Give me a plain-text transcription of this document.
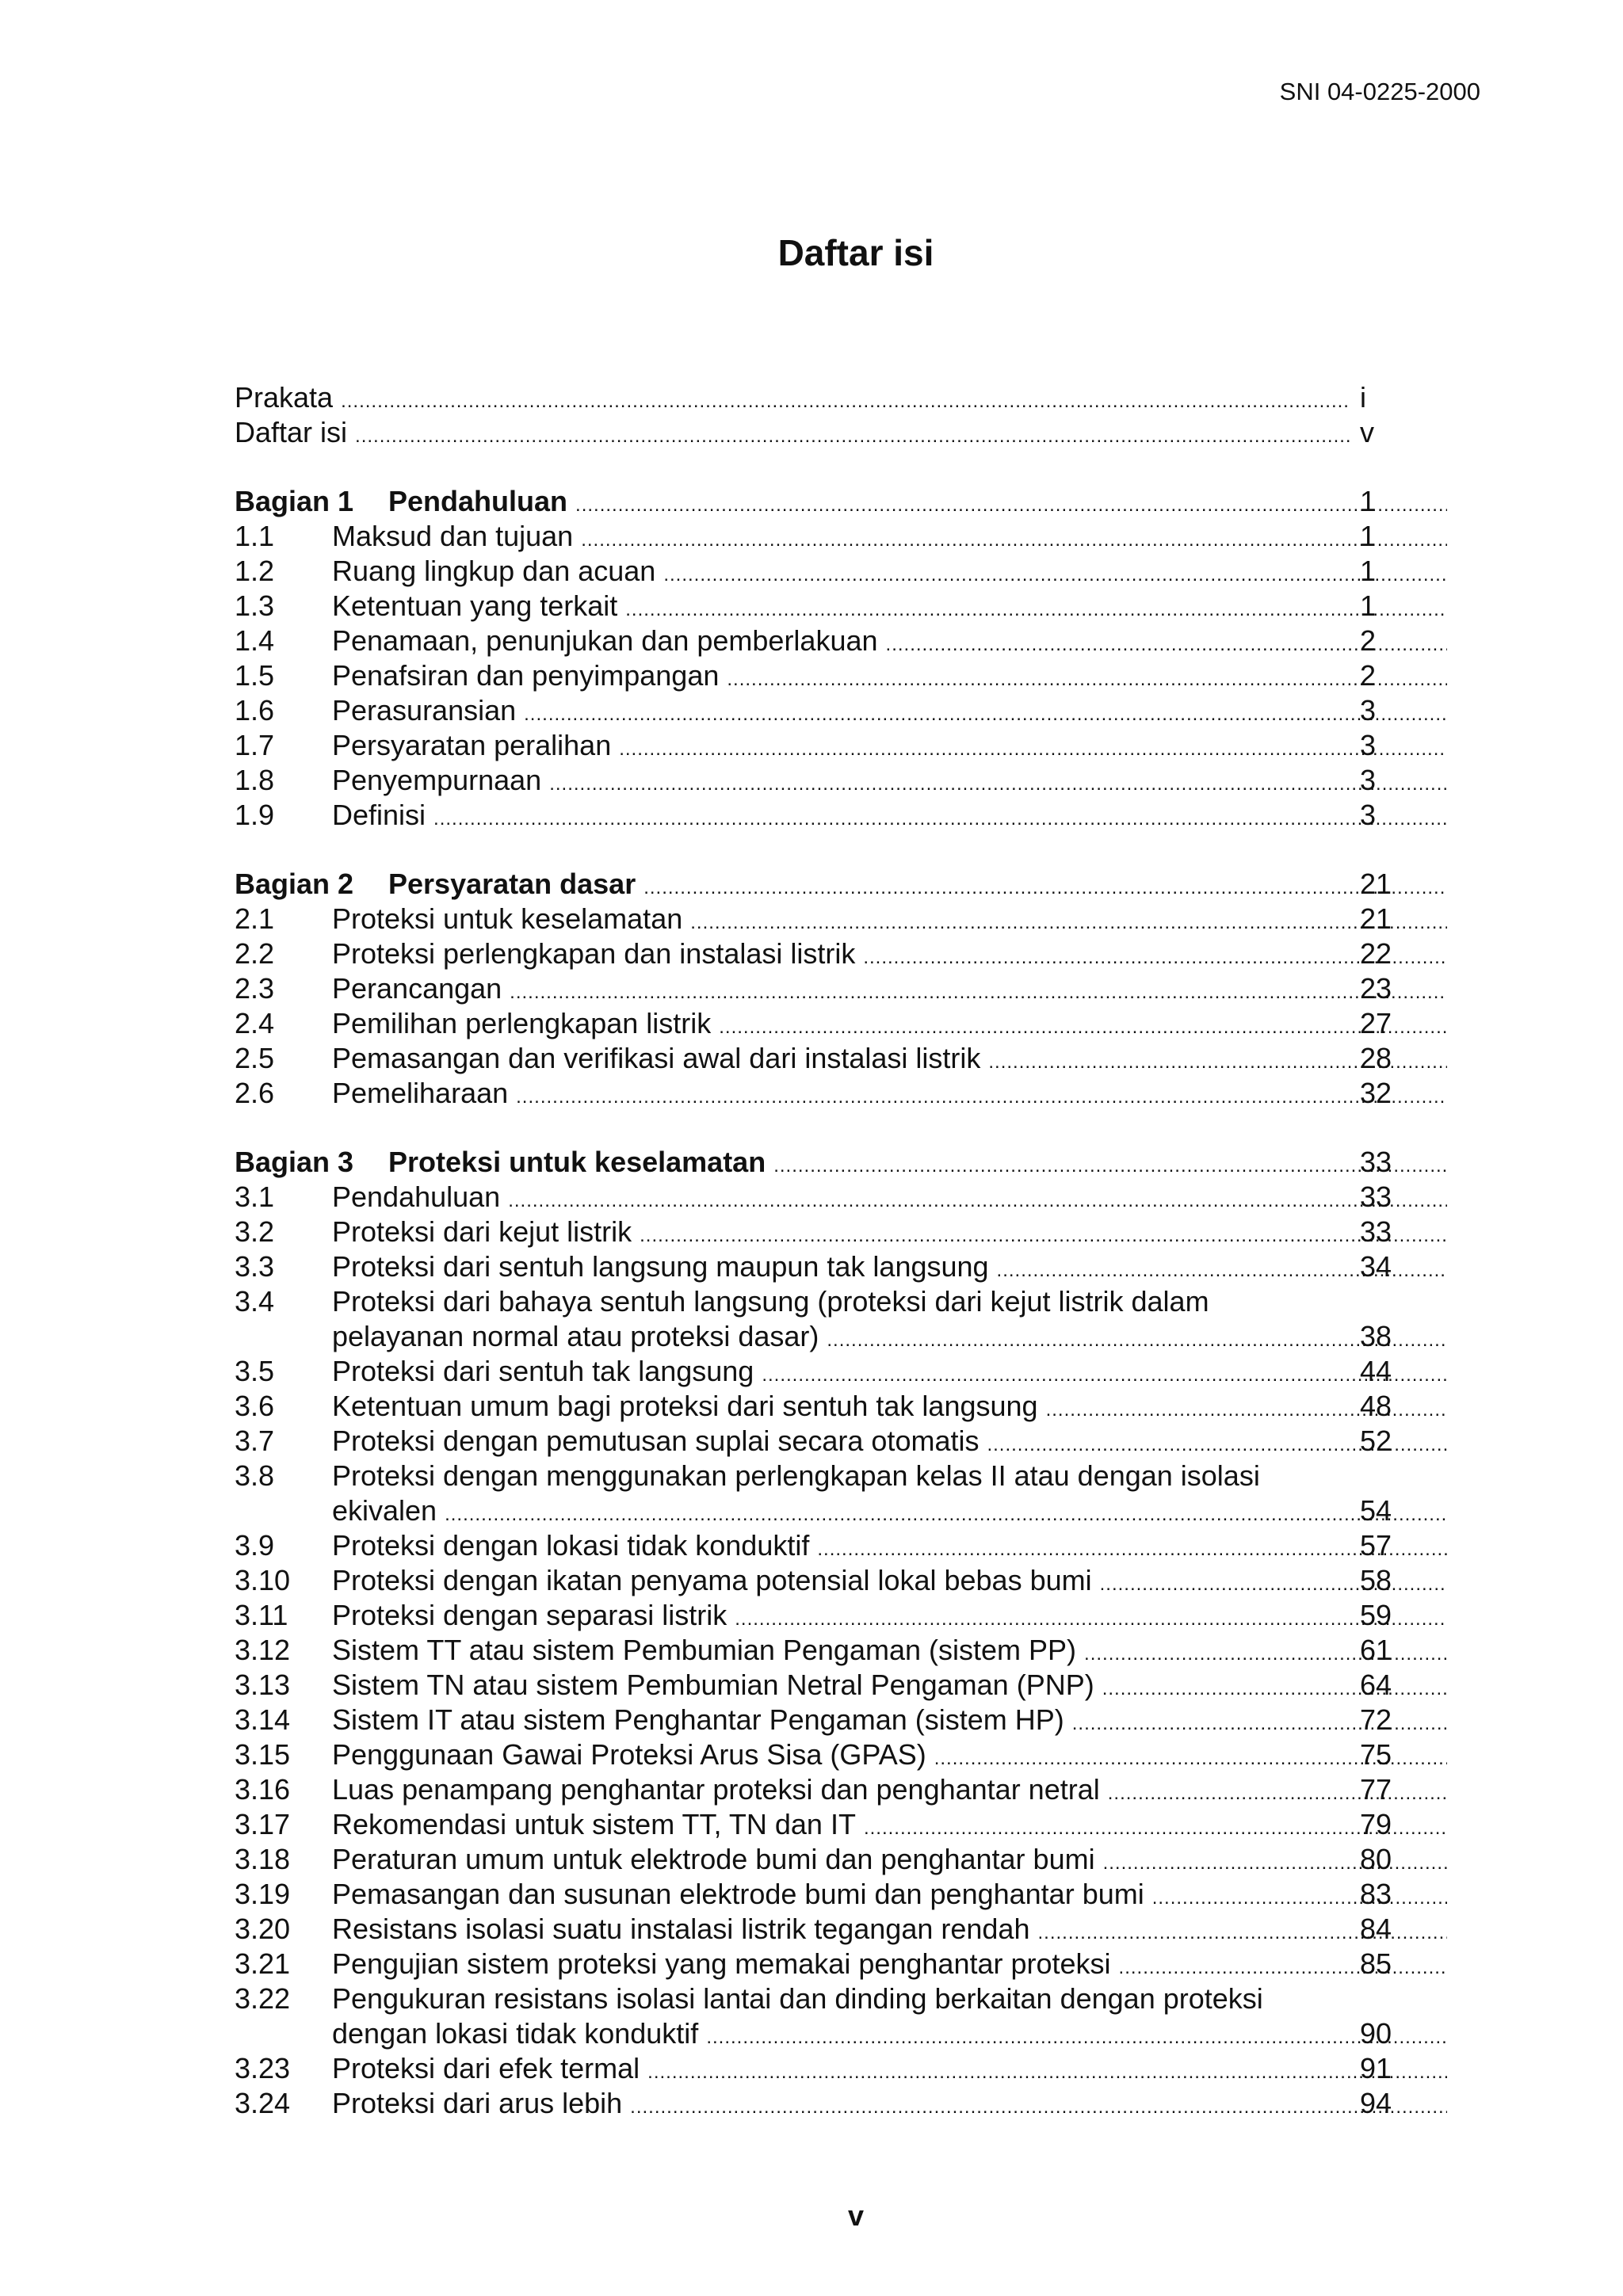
SNI 04-0225-2000
Daftar isi
Prakata .....	i
Daftar isi .....	v
Bagian 1 Pendahuluan .....	1
1.1 Maksud dan tujuan .....	1
1.2 Ruang lingkup dan acuan .....	1
1.3 Ketentuan yang terkait .....	1
1.4 Penamaan, penunjukan dan pemberlakuan .....	2
1.5 Penafsiran dan penyimpangan .....	2
1.6 Perasuransian .....	3
1.7 Persyaratan peralihan .....	3
1.8 Penyempurnaan .....	3
1.9 Definisi .....	3
Bagian 2 Persyaratan dasar .....	21
2.1 Proteksi untuk keselamatan .....	21
2.2 Proteksi perlengkapan dan instalasi listrik .....	22
2.3 Perancangan .....	23
2.4 Pemilihan perlengkapan listrik .....	27
2.5 Pemasangan dan verifikasi awal dari instalasi listrik .....	28
2.6 Pemeliharaan .....	32
Bagian 3 Proteksi untuk keselamatan .....	33
3.1 Pendahuluan .....	33
3.2 Proteksi dari kejut listrik .....	33
3.3 Proteksi dari sentuh langsung maupun tak langsung .....	34
3.4 Proteksi dari bahaya sentuh langsung (proteksi dari kejut listrik dalam
pelayanan normal atau proteksi dasar) .....	38
3.5 Proteksi dari sentuh tak langsung .....	44
3.6 Ketentuan umum bagi proteksi dari sentuh tak langsung .....	48
3.7 Proteksi dengan pemutusan suplai secara otomatis .....	52
3.8 Proteksi dengan menggunakan perlengkapan kelas II atau dengan isolasi
ekivalen .....	54
3.9 Proteksi dengan lokasi tidak konduktif .....	57
3.10 Proteksi dengan ikatan penyama potensial lokal bebas bumi .....	58
3.11 Proteksi dengan separasi listrik .....	59
3.12 Sistem TT atau sistem Pembumian Pengaman (sistem PP) .....	61
3.13 Sistem TN atau sistem Pembumian Netral Pengaman (PNP) .....	64
3.14 Sistem IT atau sistem Penghantar Pengaman (sistem HP) .....	72
3.15 Penggunaan Gawai Proteksi Arus Sisa (GPAS) .....	75
3.16 Luas penampang penghantar proteksi dan penghantar netral .....	77
3.17 Rekomendasi untuk sistem TT, TN dan IT .....	79
3.18 Peraturan umum untuk elektrode bumi dan penghantar bumi .....	80
3.19 Pemasangan dan susunan elektrode bumi dan penghantar bumi .....	83
3.20 Resistans isolasi suatu instalasi listrik tegangan rendah .....	84
3.21 Pengujian sistem proteksi yang memakai penghantar proteksi .....	85
3.22 Pengukuran resistans isolasi lantai dan dinding berkaitan dengan proteksi
dengan lokasi tidak konduktif .....	90
3.23 Proteksi dari efek termal .....	91
3.24 Proteksi dari arus lebih .....	94
v
